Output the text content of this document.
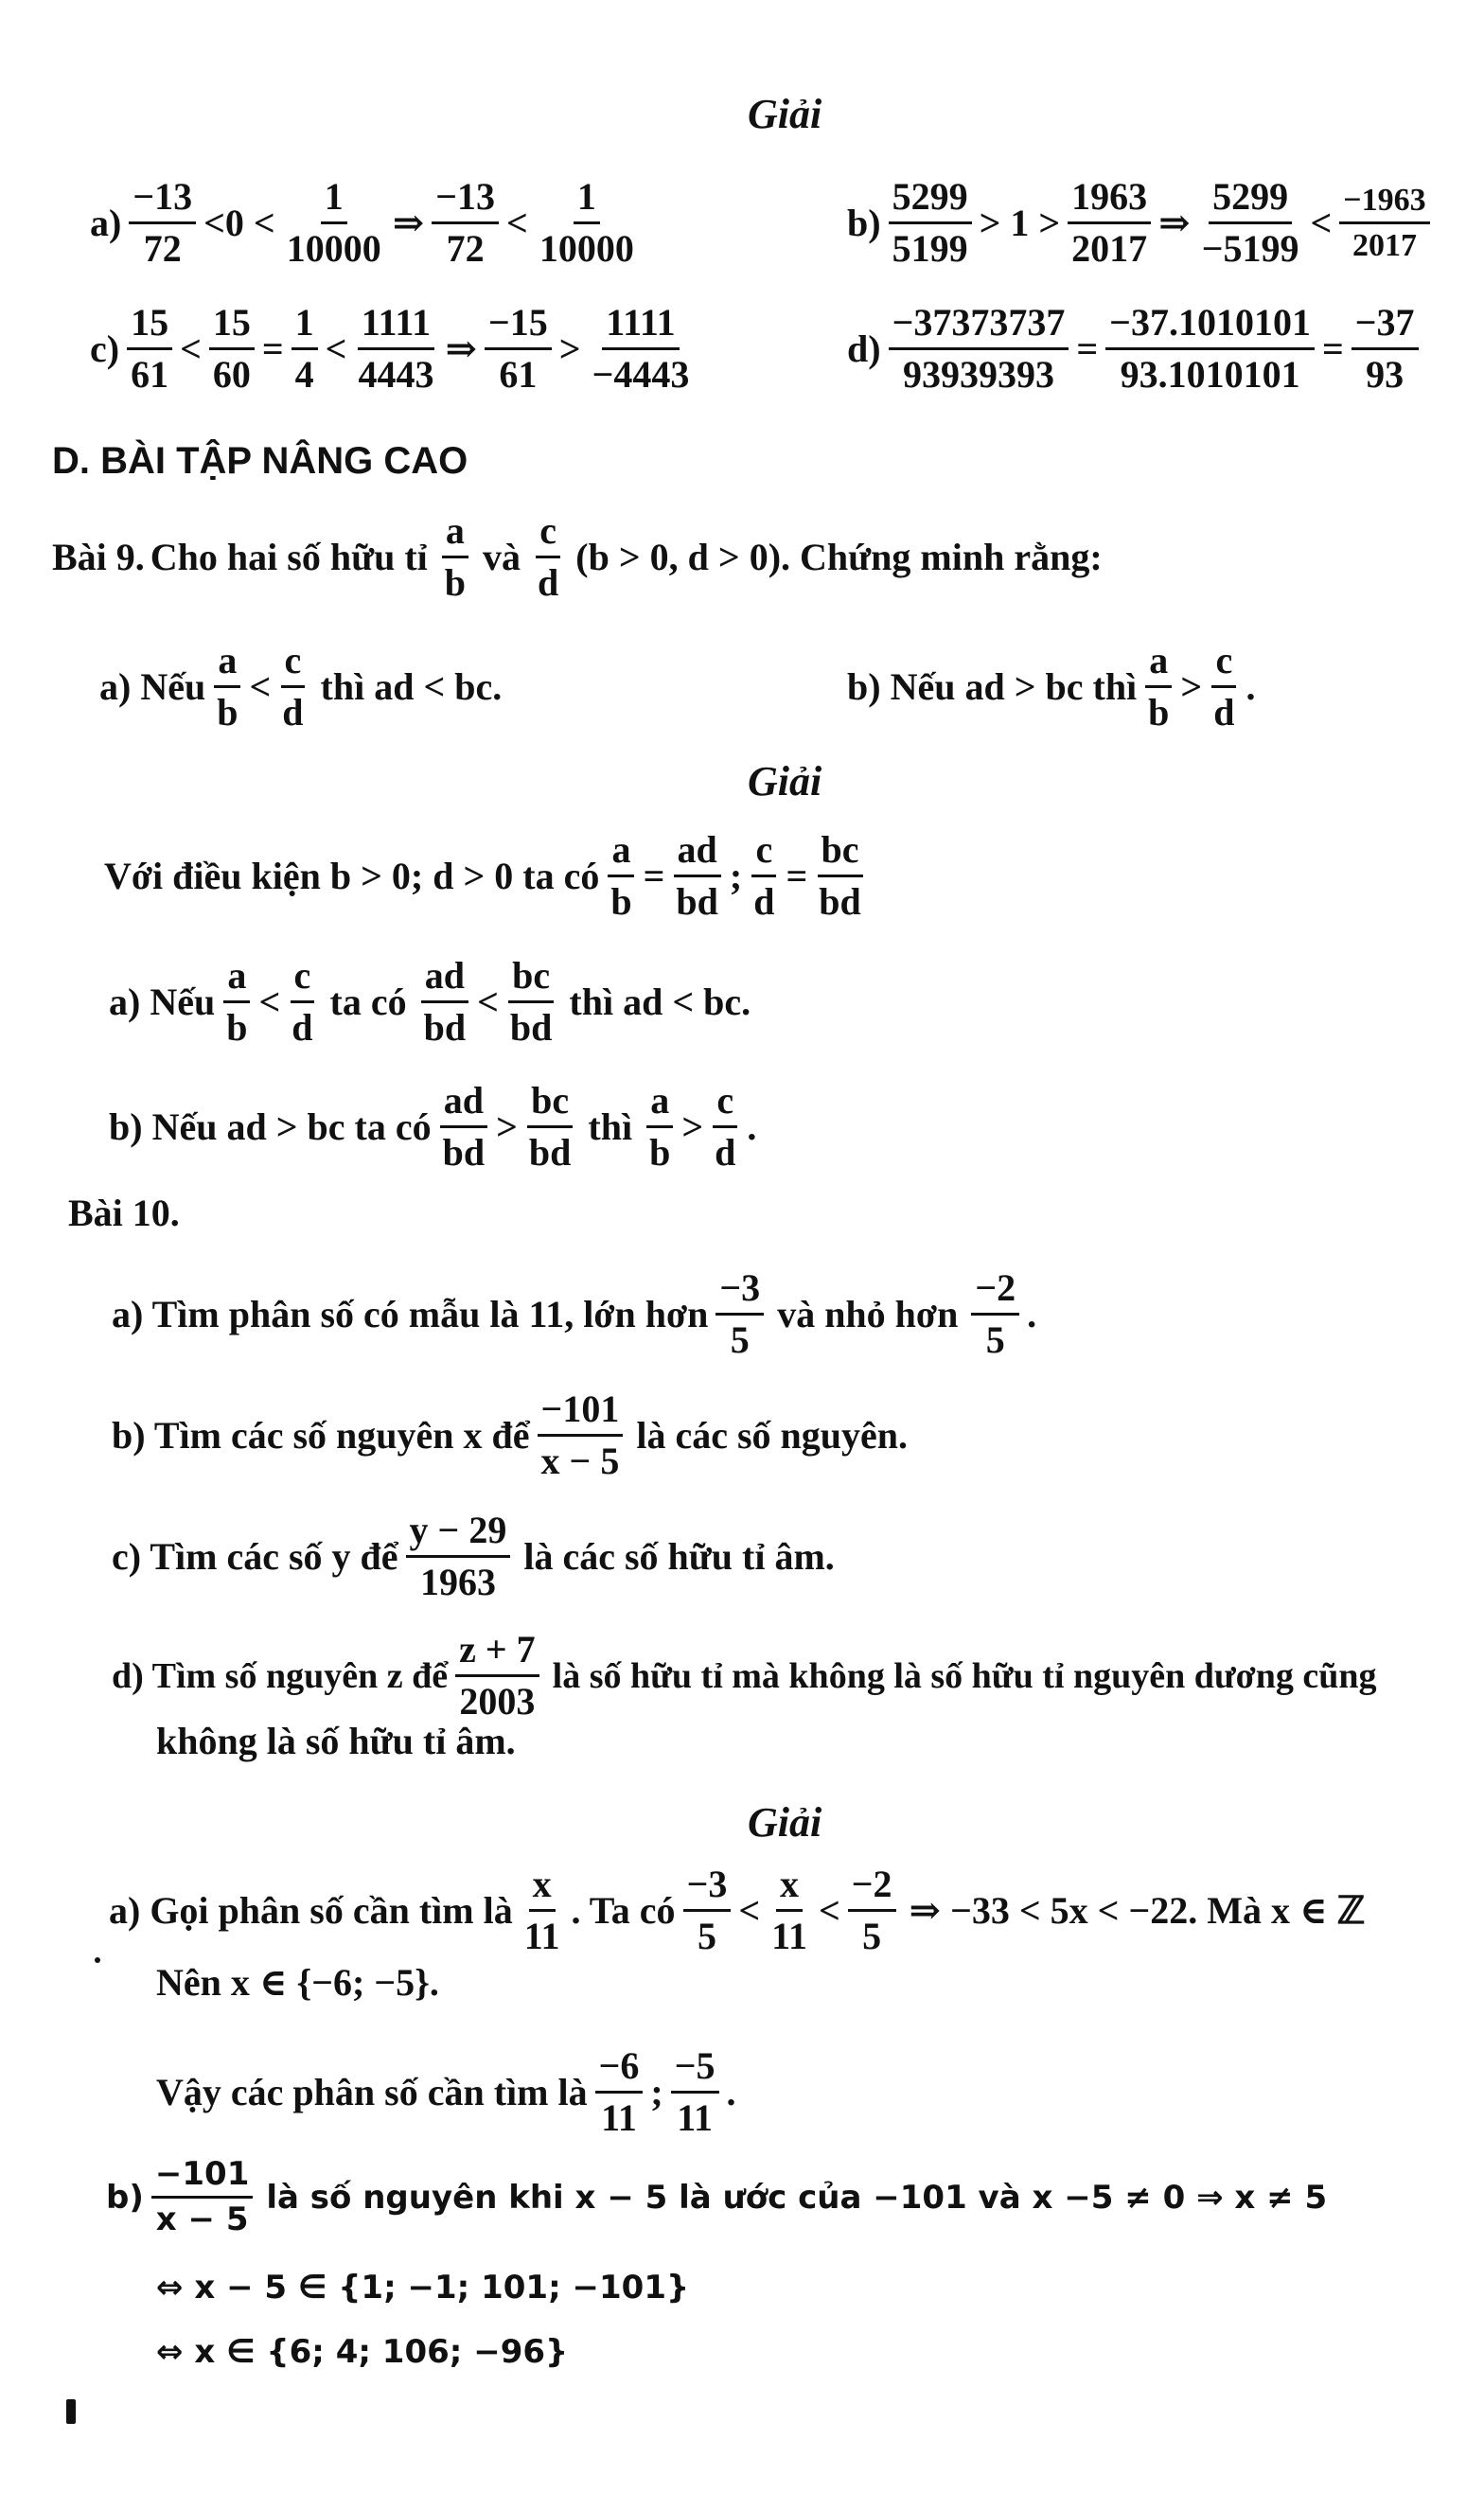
Giải
$a) \frac{-13}{72} <0 < \frac{1}{10000}$ ⇒ $\frac{-13}{72} < \frac{1}{10000}$	$b) \frac{5299}{5199} > 1 > \frac{1963}{2017}$ ⇒ $\frac{5299}{-5199} < \frac{-1963}{2017}$
$c) \frac{15}{61} < \frac{15}{60} = \frac{1}{4} < \frac{1111}{4443}$ ⇒ $\frac{-15}{61} > \frac{1111}{-4443}$	$d) \frac{-37373737}{93939393} = \frac{-37.1010101}{93.1010101} = \frac{-37}{93}$
D. BÀI TẬP NÂNG CAO
Bài 9. Cho hai số hữu tỉ $\frac{a}{b}$ và $\frac{c}{d} (b > 0$, d > 0). Chứng minh rằng:
a) Nếu $\frac{a}{b} < \frac{c}{d}$ thì ad < bc.	b) Nếu ad > bc thì $\frac{a}{b} > \frac{c}{d}$ .
Giải
Với điều kiện b > 0; d > 0 ta có $\frac{a}{b} = \frac{ad}{bd}$ ; $\frac{c}{d} = \frac{bc}{bd}$
a) Nếu $\frac{a}{b} < \frac{c}{d}$ ta có $\frac{ad}{bd} < \frac{bc}{bd}$ thì ad < bc.
b) Nếu ad > bc ta có $\frac{ad}{bd} > \frac{bc}{bd}$ thì $\frac{a}{b} > \frac{c}{d}$ .
Bài 10.
a) Tìm phân số có mẫu là 11, lớn hơn $\frac{-3}{5}$ và nhỏ hơn $\frac{-2}{5}$ .
b) Tìm các số nguyên x để $\frac{-101}{x - 5}$ là các số nguyên.
c) Tìm các số y để $\frac{y - 29}{1963}$ là các số hữu tỉ âm.
d) Tìm số nguyên z để $\frac{z + 7}{2003}$ là số hữu tỉ mà không là số hữu tỉ nguyên dương cũng
không là số hữu tỉ âm.
Giải
a) Gọi phân số cần tìm là $\frac{x}{11}$ . Ta có $\frac{-3}{5} < \frac{x}{11} < \frac{-2}{5}$ ⇒ −33 < 5x < −22. Mà x ∈ ℤ
Nên x ∈ {−6; −5}.
Vậy các phân số cần tìm là $\frac{-6}{11}$ ; $\frac{-5}{11}$ .
$b) \frac{-101}{x - 5}$ là số nguyên khi x − 5 là ước của −101 và x −5 ≠ 0 ⇒ x ≠ 5
⇔ x − 5 ∈ {1; −1; 101; −101}
⇔ x ∈ {6; 4; 106; −96}
